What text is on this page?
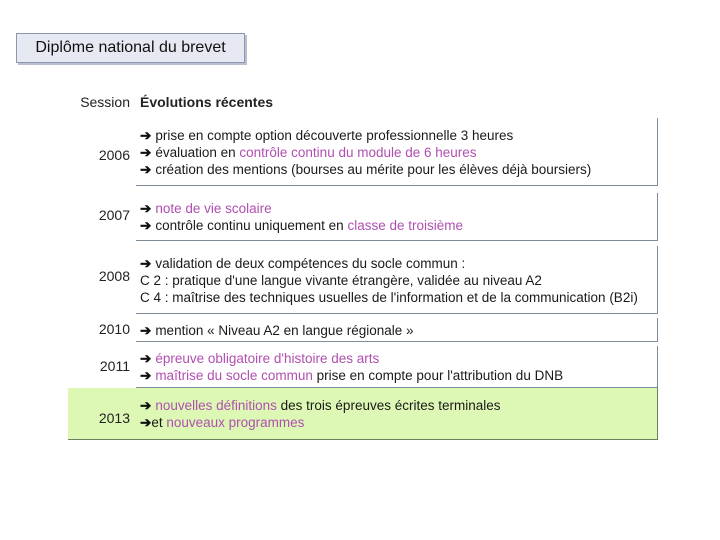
Diplôme national du brevet
Session Évolutions récentes
2006
➔ prise en compte option découverte professionnelle 3 heures
➔ évaluation en contrôle continu du module de 6 heures
➔ création des mentions (bourses au mérite pour les élèves déjà boursiers)
2007 ➔ note de vie scolaire
➔ contrôle continu uniquement en classe de troisième
2008
➔ validation de deux compétences du socle commun :
C 2 : pratique d'une langue vivante étrangère, validée au niveau A2
C 4 : maîtrise des techniques usuelles de l'information et de la communication (B2i)
2010 ➔ mention « Niveau A2 en langue régionale »
2011 ➔ épreuve obligatoire d'histoire des arts
➔ maîtrise du socle commun prise en compte pour l'attribution du DNB
2013
➔ nouvelles définitions des trois épreuves écrites terminales
➔et nouveaux programmes
